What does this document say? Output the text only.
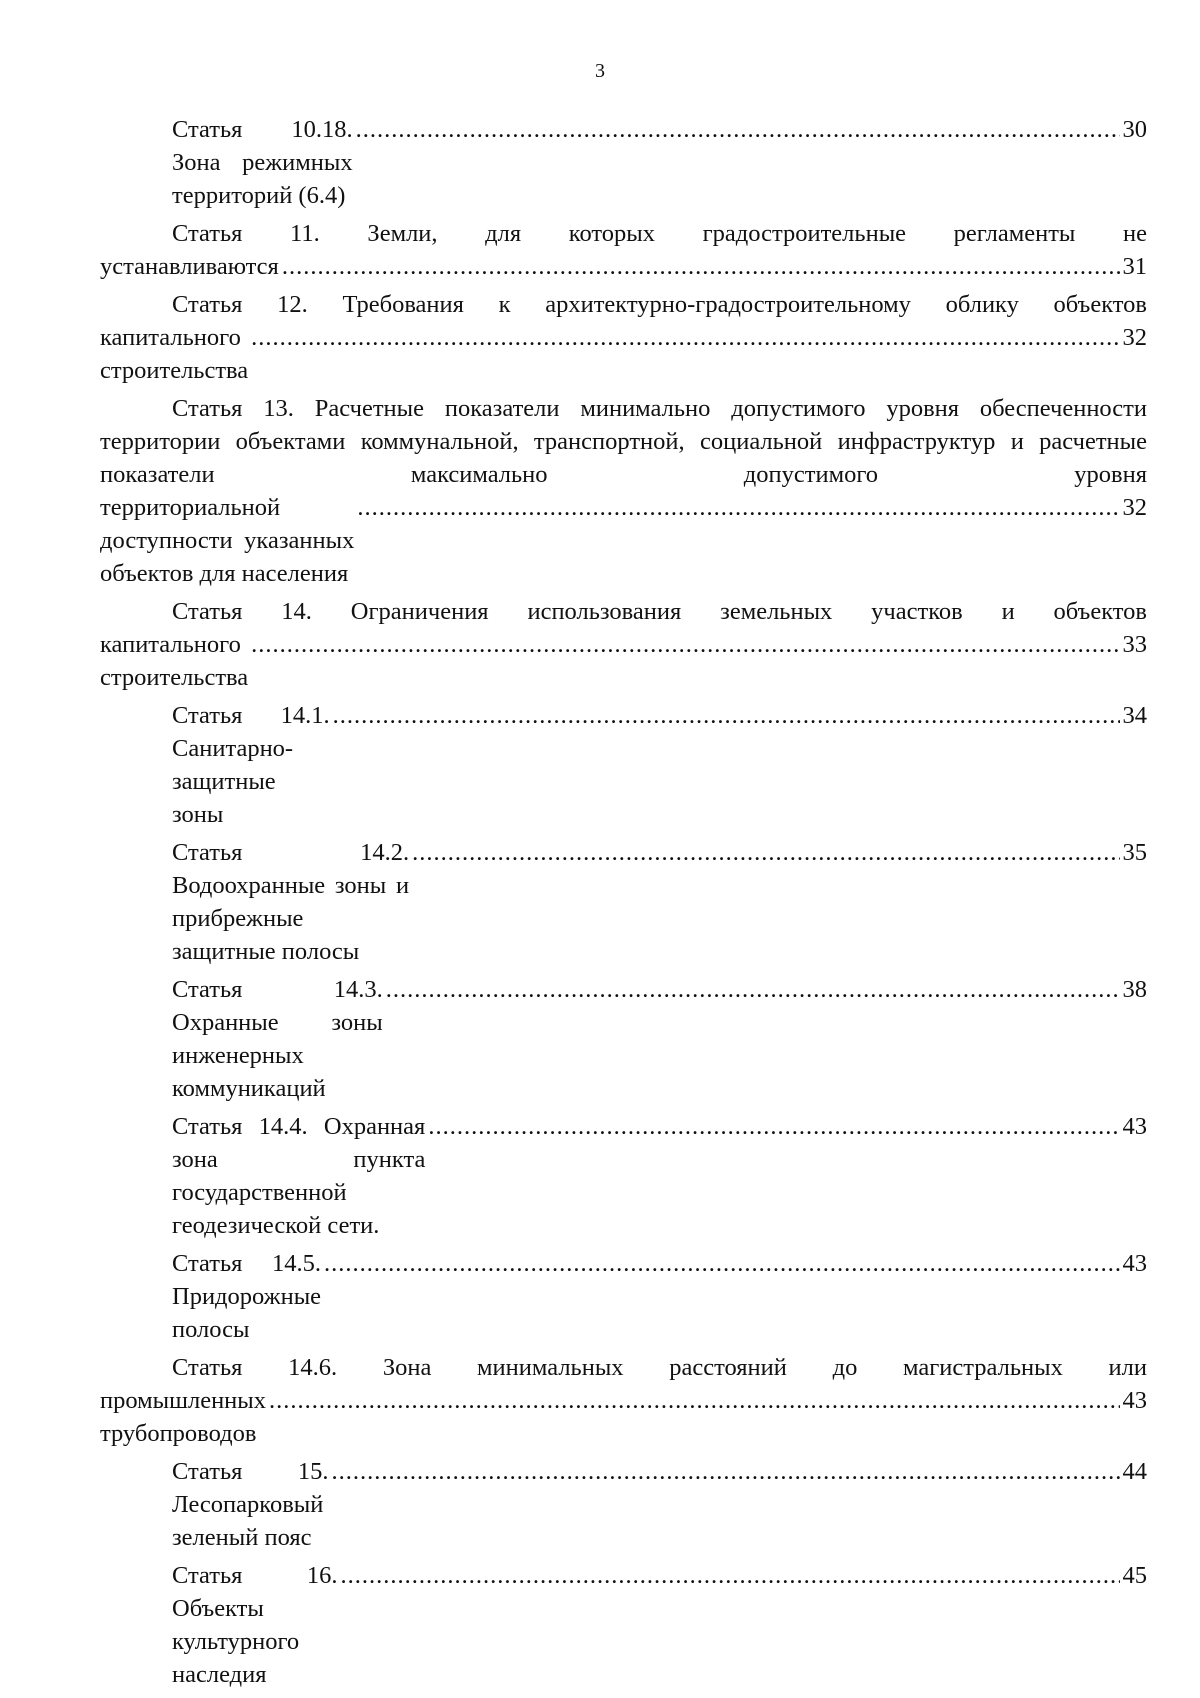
3
Статья 10.18. Зона режимных территорий (6.4)
.....
30
Статья 11. Земли, для которых градостроительные регламенты не
устанавливаются
.....	31
Статья 12. Требования к архитектурно-градостроительному облику объектов
капитального строительства
.....
32
Статья 13. Расчетные показатели минимально допустимого уровня обеспеченности территории объектами коммунальной, транспортной, социальной инфраструктур и расчетные показатели максимально допустимого уровня
территориальной доступности указанных объектов для населения
.....
32
Статья 14. Ограничения использования земельных участков и объектов
капитального строительства
.....
33
Статья 14.1. Санитарно-защитные зоны
.....
34
Статья 14.2. Водоохранные зоны и прибрежные защитные полосы
.....
35
Статья 14.3. Охранные зоны инженерных коммуникаций
.....
38
Статья 14.4. Охранная зона пункта государственной геодезической сети.
.....
43
Статья 14.5. Придорожные полосы
.....
43
Статья 14.6. Зона минимальных расстояний до магистральных или
промышленных трубопроводов
.....
43
Статья 15. Лесопарковый зеленый пояс
.....
44
Статья 16. Объекты культурного наследия
.....
45
